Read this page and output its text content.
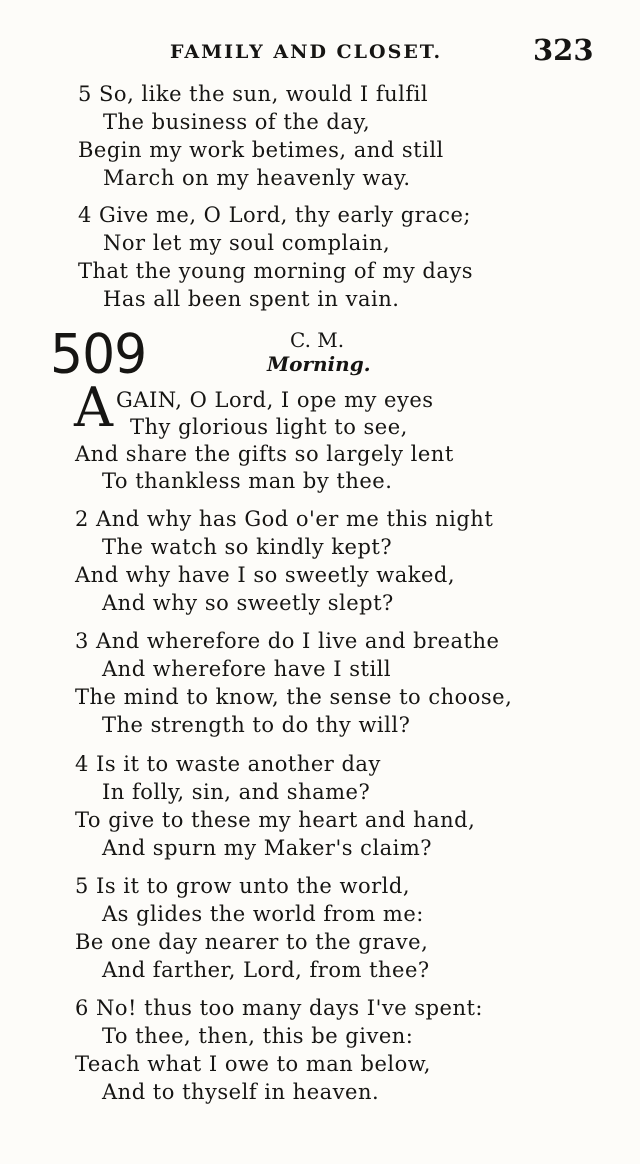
FAMILY AND CLOSET.	323
5 So, like the sun, would I fulfil
The business of the day,
Begin my work betimes, and still
March on my heavenly way.
4 Give me, O Lord, thy early grace;
Nor let my soul complain,
That the young morning of my days
Has all been spent in vain.
509	C. M.
Morning.
A GAIN, O Lord, I ope my eyes
Thy glorious light to see,
And share the gifts so largely lent
To thankless man by thee.
2 And why has God o'er me this night
The watch so kindly kept?
And why have I so sweetly waked,
And why so sweetly slept?
3 And wherefore do I live and breathe
And wherefore have I still
The mind to know, the sense to choose,
The strength to do thy will?
4 Is it to waste another day
In folly, sin, and shame?
To give to these my heart and hand,
And spurn my Maker's claim?
5 Is it to grow unto the world,
As glides the world from me:
Be one day nearer to the grave,
And farther, Lord, from thee?
6 No! thus too many days I've spent:
To thee, then, this be given:
Teach what I owe to man below,
And to thyself in heaven.
